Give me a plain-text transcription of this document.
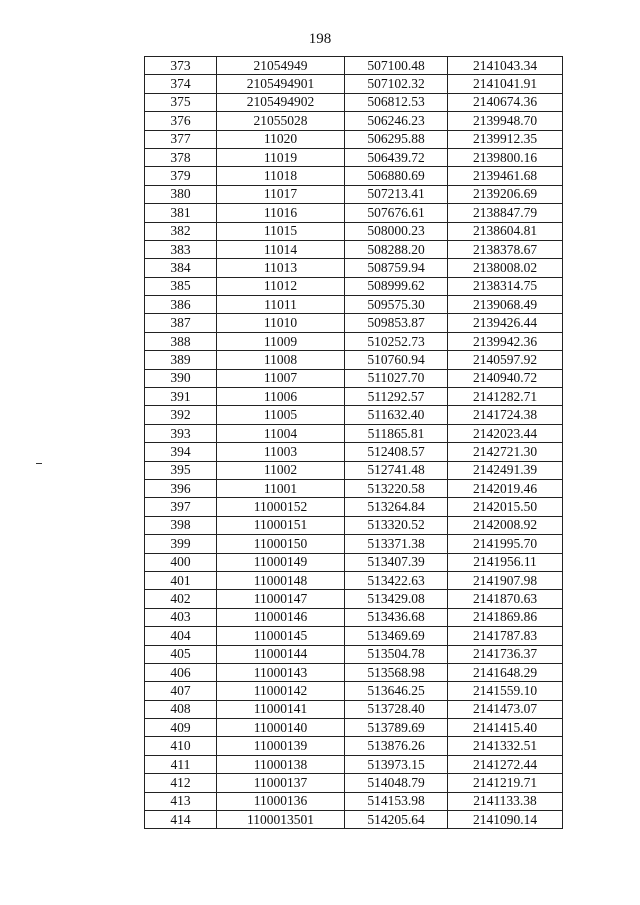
198
373	21054949	507100.48	2141043.34
374	2105494901	507102.32	2141041.91
375	2105494902	506812.53	2140674.36
376	21055028	506246.23	2139948.70
377	11020	506295.88	2139912.35
378	11019	506439.72	2139800.16
379	11018	506880.69	2139461.68
380	11017	507213.41	2139206.69
381	11016	507676.61	2138847.79
382	11015	508000.23	2138604.81
383	11014	508288.20	2138378.67
384	11013	508759.94	2138008.02
385	11012	508999.62	2138314.75
386	11011	509575.30	2139068.49
387	11010	509853.87	2139426.44
388	11009	510252.73	2139942.36
389	11008	510760.94	2140597.92
390	11007	511027.70	2140940.72
391	11006	511292.57	2141282.71
392	11005	511632.40	2141724.38
393	11004	511865.81	2142023.44
394	11003	512408.57	2142721.30
395	11002	512741.48	2142491.39
396	11001	513220.58	2142019.46
397	11000152	513264.84	2142015.50
398	11000151	513320.52	2142008.92
399	11000150	513371.38	2141995.70
400	11000149	513407.39	2141956.11
401	11000148	513422.63	2141907.98
402	11000147	513429.08	2141870.63
403	11000146	513436.68	2141869.86
404	11000145	513469.69	2141787.83
405	11000144	513504.78	2141736.37
406	11000143	513568.98	2141648.29
407	11000142	513646.25	2141559.10
408	11000141	513728.40	2141473.07
409	11000140	513789.69	2141415.40
410	11000139	513876.26	2141332.51
411	11000138	513973.15	2141272.44
412	11000137	514048.79	2141219.71
413	11000136	514153.98	2141133.38
414	1100013501	514205.64	2141090.14
